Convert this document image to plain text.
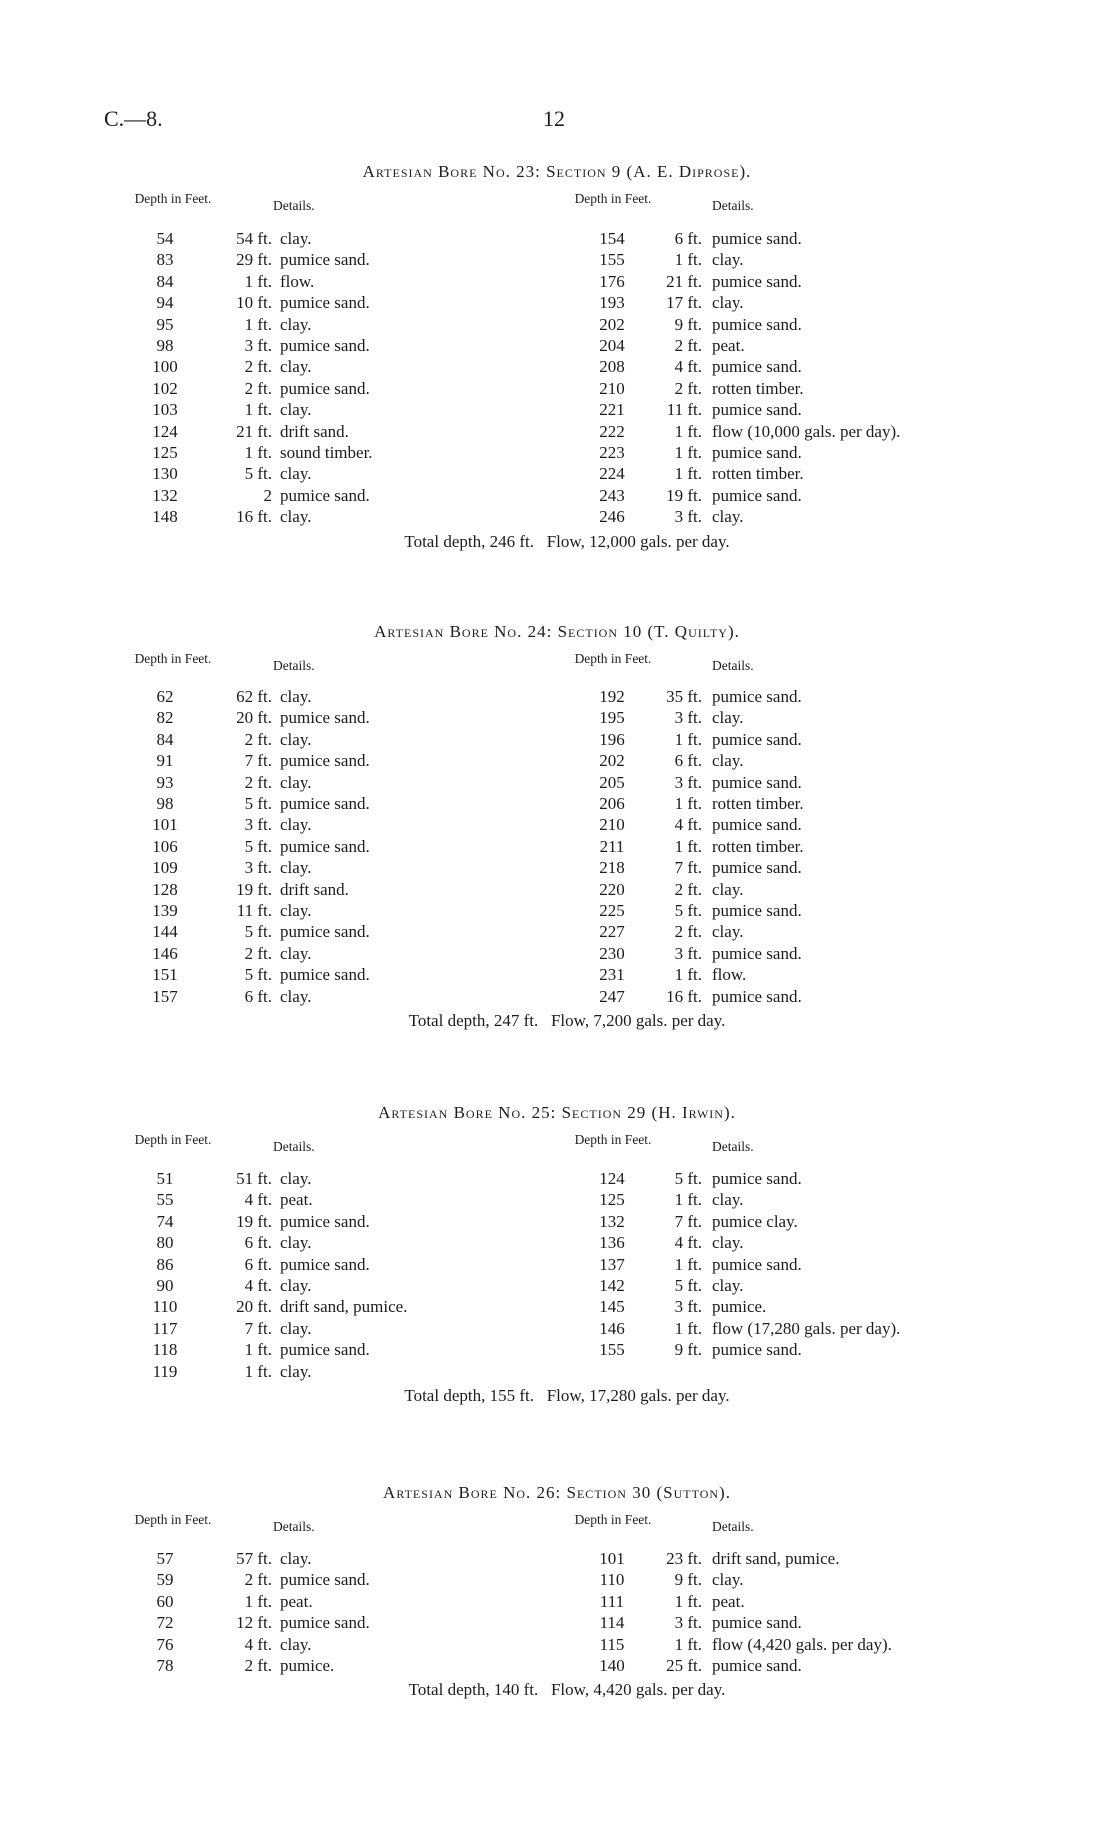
C.—8.	12
Artesian Bore No. 23: Section 9 (A. E. Diprose).
Depth in Feet.	Details.	Depth in Feet.	Details.
54	54 ft. clay.
83	29 ft. pumice sand.
84	1 ft. flow.
94	10 ft. pumice sand.
95	1 ft. clay.
98	3 ft. pumice sand.
100	2 ft. clay.
102	2 ft. pumice sand.
103	1 ft. clay.
124	21 ft. drift sand.
125	1 ft. sound timber.
130	5 ft. clay.
132	2 pumice sand.
148	16 ft. clay.
154	6 ft. pumice sand.
155	1 ft. clay.
176	21 ft. pumice sand.
193	17 ft. clay.
202	9 ft. pumice sand.
204	2 ft. peat.
208	4 ft. pumice sand.
210	2 ft. rotten timber.
221	11 ft. pumice sand.
222	1 ft. flow (10,000 gals. per day).
223	1 ft. pumice sand.
224	1 ft. rotten timber.
243	19 ft. pumice sand.
246	3 ft. clay.
Total depth, 246 ft.   Flow, 12,000 gals. per day.
Artesian Bore No. 24: Section 10 (T. Quilty).
Depth in Feet.	Details.	Depth in Feet.	Details.
62	62 ft. clay.
82	20 ft. pumice sand.
84	2 ft. clay.
91	7 ft. pumice sand.
93	2 ft. clay.
98	5 ft. pumice sand.
101	3 ft. clay.
106	5 ft. pumice sand.
109	3 ft. clay.
128	19 ft. drift sand.
139	11 ft. clay.
144	5 ft. pumice sand.
146	2 ft. clay.
151	5 ft. pumice sand.
157	6 ft. clay.
192	35 ft. pumice sand.
195	3 ft. clay.
196	1 ft. pumice sand.
202	6 ft. clay.
205	3 ft. pumice sand.
206	1 ft. rotten timber.
210	4 ft. pumice sand.
211	1 ft. rotten timber.
218	7 ft. pumice sand.
220	2 ft. clay.
225	5 ft. pumice sand.
227	2 ft. clay.
230	3 ft. pumice sand.
231	1 ft. flow.
247	16 ft. pumice sand.
Total depth, 247 ft.   Flow, 7,200 gals. per day.
Artesian Bore No. 25: Section 29 (H. Irwin).
Depth in Feet.	Details.	Depth in Feet.	Details.
51	51 ft. clay.
55	4 ft. peat.
74	19 ft. pumice sand.
80	6 ft. clay.
86	6 ft. pumice sand.
90	4 ft. clay.
110	20 ft. drift sand, pumice.
117	7 ft. clay.
118	1 ft. pumice sand.
119	1 ft. clay.
124	5 ft. pumice sand.
125	1 ft. clay.
132	7 ft. pumice clay.
136	4 ft. clay.
137	1 ft. pumice sand.
142	5 ft. clay.
145	3 ft. pumice.
146	1 ft. flow (17,280 gals. per day).
155	9 ft. pumice sand.
Total depth, 155 ft.   Flow, 17,280 gals. per day.
Artesian Bore No. 26: Section 30 (Sutton).
Depth in Feet.	Details.	Depth in Feet.	Details.
57	57 ft. clay.
59	2 ft. pumice sand.
60	1 ft. peat.
72	12 ft. pumice sand.
76	4 ft. clay.
78	2 ft. pumice.
101	23 ft. drift sand, pumice.
110	9 ft. clay.
111	1 ft. peat.
114	3 ft. pumice sand.
115	1 ft. flow (4,420 gals. per day).
140	25 ft. pumice sand.
Total depth, 140 ft.   Flow, 4,420 gals. per day.
